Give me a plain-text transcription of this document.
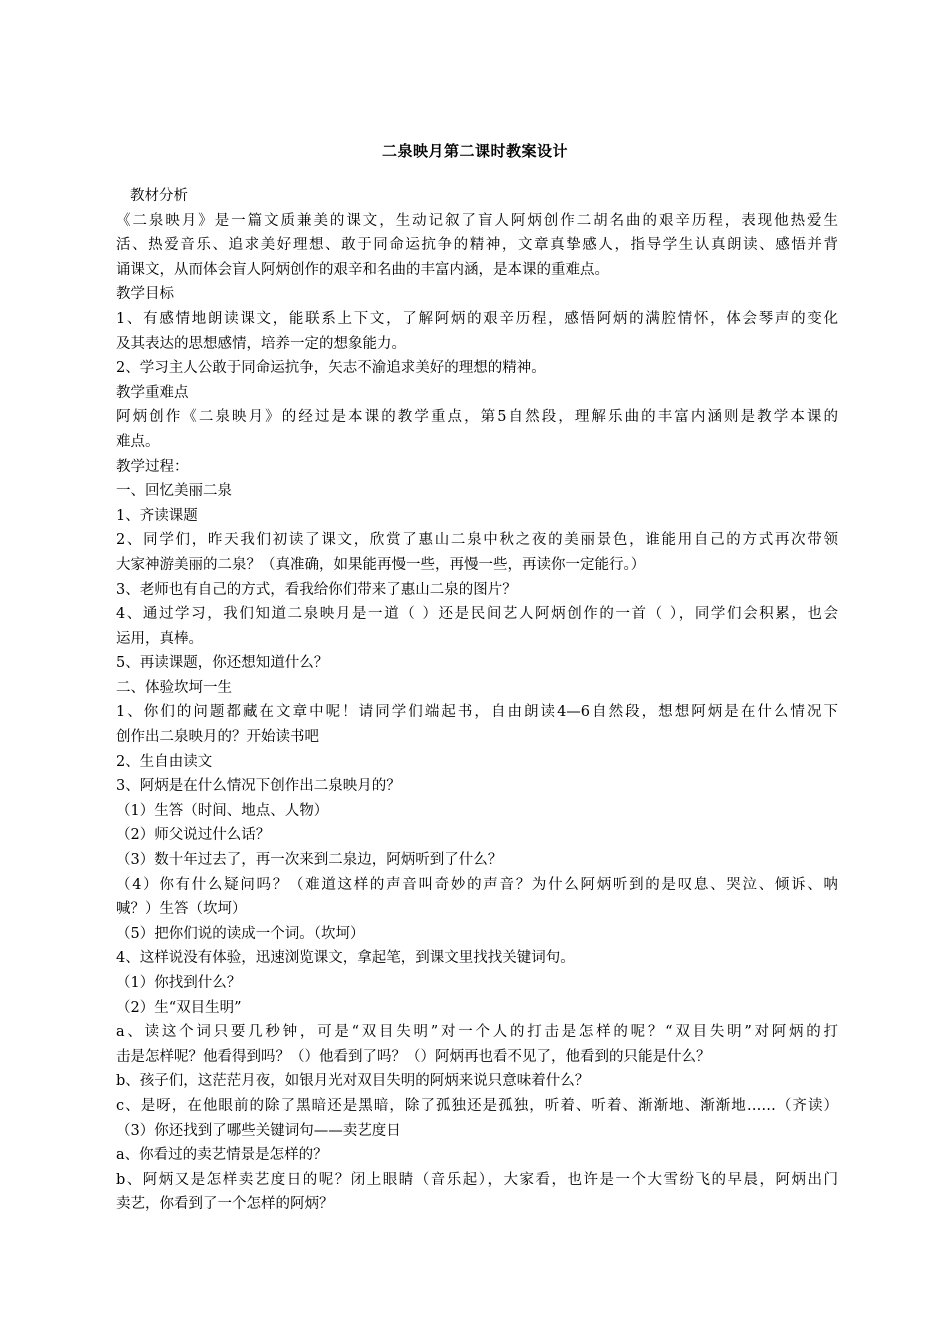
二泉映月第二课时教案设计
教材分析
《二泉映月》是一篇文质兼美的课文，生动记叙了盲人阿炳创作二胡名曲的艰辛历程，表现他热爱生
活、热爱音乐、追求美好理想、敢于同命运抗争的精神，文章真挚感人，指导学生认真朗读、感悟并背
诵课文，从而体会盲人阿炳创作的艰辛和名曲的丰富内涵，是本课的重难点。
教学目标
1、有感情地朗读课文，能联系上下文，了解阿炳的艰辛历程，感悟阿炳的满腔情怀，体会琴声的变化
及其表达的思想感情，培养一定的想象能力。
2、学习主人公敢于同命运抗争，矢志不渝追求美好的理想的精神。
教学重难点
阿炳创作《二泉映月》的经过是本课的教学重点，第5自然段，理解乐曲的丰富内涵则是教学本课的
难点。
教学过程：
一、回忆美丽二泉
1、齐读课题
2、同学们，昨天我们初读了课文，欣赏了惠山二泉中秋之夜的美丽景色，谁能用自己的方式再次带领
大家神游美丽的二泉？（真准确，如果能再慢一些，再慢一些，再读你一定能行。）
3、老师也有自己的方式，看我给你们带来了惠山二泉的图片？
4、通过学习，我们知道二泉映月是一道（ ）还是民间艺人阿炳创作的一首（ ），同学们会积累，也会
运用，真棒。
5、再读课题，你还想知道什么？
二、体验坎坷一生
1、你们的问题都藏在文章中呢！请同学们端起书，自由朗读4—6自然段，想想阿炳是在什么情况下
创作出二泉映月的？开始读书吧
2、生自由读文
3、阿炳是在什么情况下创作出二泉映月的？
（1）生答（时间、地点、人物）
（2）师父说过什么话？
（3）数十年过去了，再一次来到二泉边，阿炳听到了什么？
（4）你有什么疑问吗？（难道这样的声音叫奇妙的声音？为什么阿炳听到的是叹息、哭泣、倾诉、呐
喊？）生答（坎坷）
（5）把你们说的读成一个词。（坎坷）
4、这样说没有体验，迅速浏览课文，拿起笔，到课文里找找关键词句。
（1）你找到什么？
（2）生“双目生明”
a、读这个词只要几秒钟，可是“双目失明”对一个人的打击是怎样的呢？“双目失明”对阿炳的打
击是怎样呢？他看得到吗？（）他看到了吗？（）阿炳再也看不见了，他看到的只能是什么？
b、孩子们，这茫茫月夜，如银月光对双目失明的阿炳来说只意味着什么？
c、是呀，在他眼前的除了黑暗还是黑暗，除了孤独还是孤独，听着、听着、渐渐地、渐渐地……（齐读）
（3）你还找到了哪些关键词句——卖艺度日
a、你看过的卖艺情景是怎样的？
b、阿炳又是怎样卖艺度日的呢？闭上眼睛（音乐起），大家看，也许是一个大雪纷飞的早晨，阿炳出门
卖艺，你看到了一个怎样的阿炳？
